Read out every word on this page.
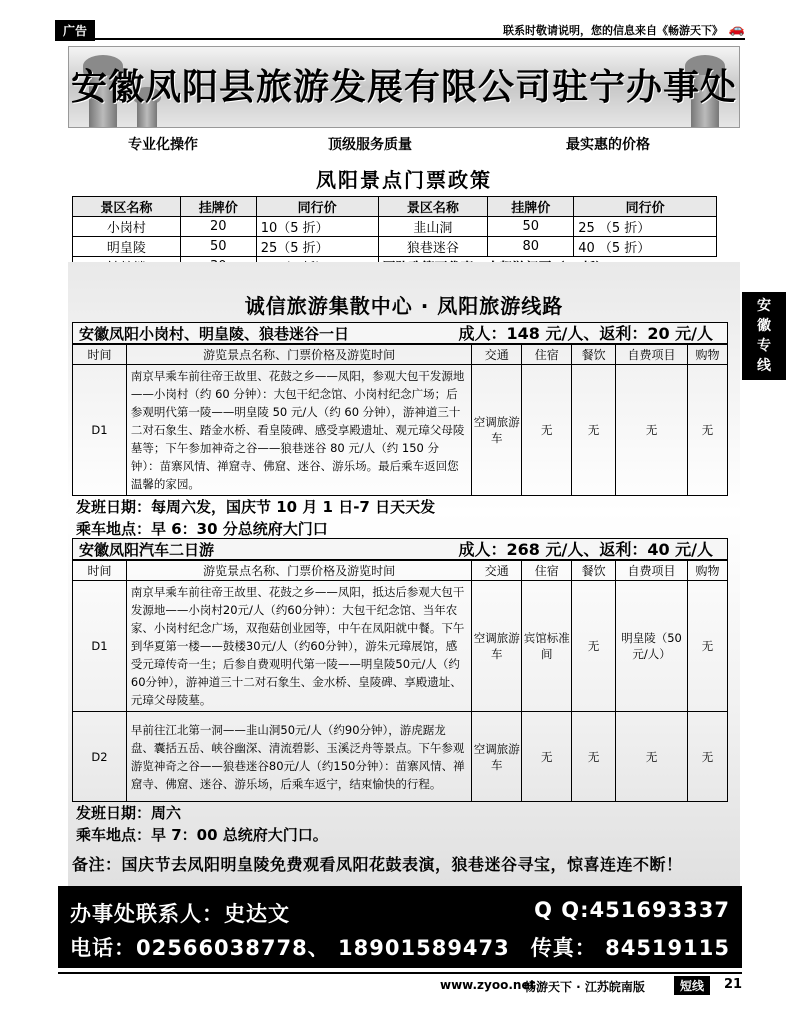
广告	联系时敬请说明，您的信息来自《畅游天下》 🚗
安徽凤阳县旅游发展有限公司驻宁办事处
专业化操作	顶级服务质量	最实惠的价格
凤阳景点门票政策
景区名称	挂牌价	同行价	景区名称	挂牌价	同行价
小岗村	20	10（5 折）	韭山洞	50	25 （5 折）
明皇陵	50	25（5 折）	狼巷迷谷	80	40 （5 折）

安
徽
专
线
诚信旅游集散中心 · 凤阳旅游线路
安徽凤阳小岗村、明皇陵、狼巷迷谷一日	成人：148 元/人、返利：20 元/人
时间	游览景点名称、门票价格及游览时间	交通	住宿	餐饮	自费项目	购物
D1	南京早乘车前往帝王故里、花鼓之乡——凤阳，参观大包干发源地——小岗村（约 60 分钟）：大包干纪念馆、小岗村纪念广场；后参观明代第一陵——明皇陵 50 元/人（约 60 分钟），游神道三十二对石象生、踏金水桥、看皇陵碑、感受享殿遗址、观元璋父母陵墓等；下午参加神奇之谷——狼巷迷谷 80 元/人（约 150 分钟）：苗寨风情、禅窟寺、佛窟、迷谷、游乐场。最后乘车返回您温馨的家园。	空调旅游车	无	无	无	无
发班日期：每周六发，国庆节 10 月 1 日-7 日天天发
乘车地点：早 6：30 分总统府大门口
安徽凤阳汽车二日游	成人：268 元/人、返利：40 元/人
时间	游览景点名称、门票价格及游览时间	交通	住宿	餐饮	自费项目	购物
D1	南京早乘车前往帝王故里、花鼓之乡——凤阳，抵达后参观大包干发源地——小岗村20元/人（约60分钟）：大包干纪念馆、当年农家、小岗村纪念广场，双孢菇创业园等，中午在凤阳就中餐。下午到华夏第一楼——鼓楼30元/人（约60分钟），游朱元璋展馆，感受元璋传奇一生；后参自费观明代第一陵——明皇陵50元/人（约60分钟），游神道三十二对石象生、金水桥、皇陵碑、享殿遗址、元璋父母陵墓。	空调旅游车	宾馆标准间	无	明皇陵（50 元/人）	无
D2	早前往江北第一洞——韭山洞50元/人（约90分钟），游虎踞龙盘、囊括五岳、峡谷幽深、清流碧影、玉溪泛舟等景点。下午参观游览神奇之谷——狼巷迷谷80元/人（约150分钟）：苗寨风情、禅窟寺、佛窟、迷谷、游乐场，后乘车返宁，结束愉快的行程。	空调旅游车	无	无	无	无
发班日期：周六
乘车地点：早 7：00 总统府大门口。
备注：国庆节去凤阳明皇陵免费观看凤阳花鼓表演，狼巷迷谷寻宝，惊喜连连不断！
办事处联系人：史达文	Q Q:451693337
电话：02566038778、 18901589473 传真： 84519115
www.zyoo.net
畅游天下 · 江苏皖南版	短线	21
